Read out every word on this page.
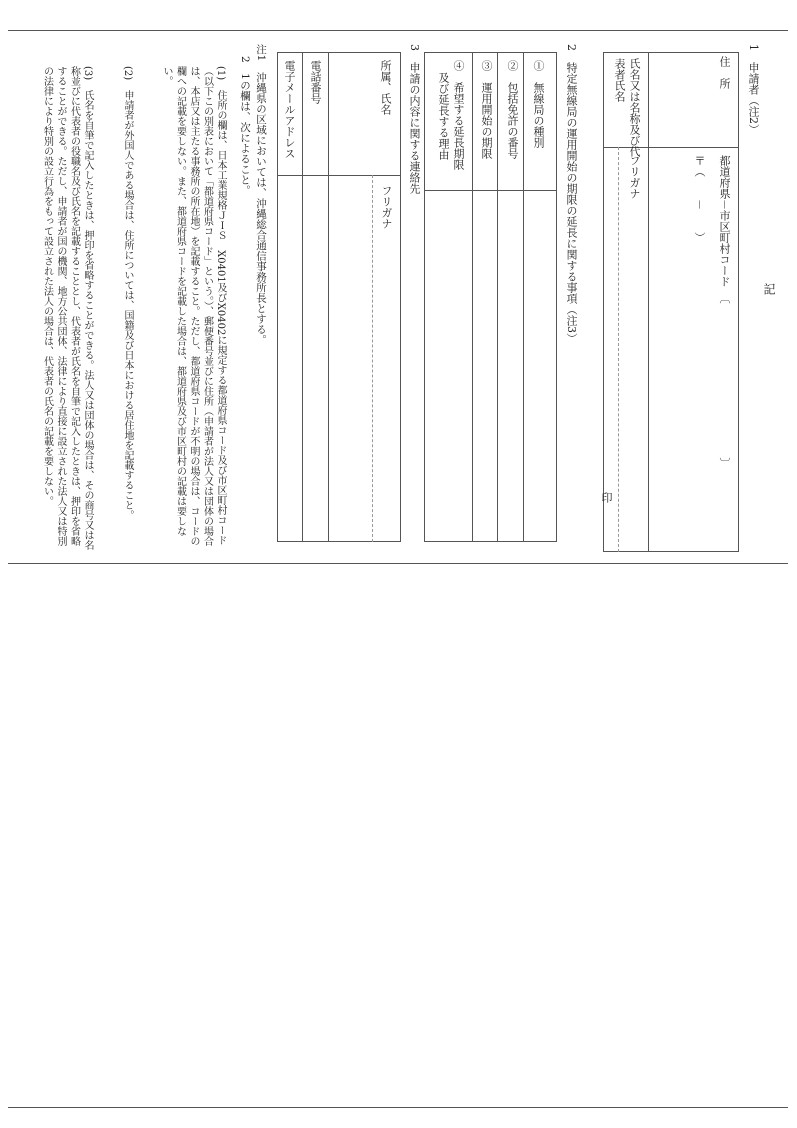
記
1　申請者（注2）
住　所
都道府県－市区町村コード　〔　　　　　　　　　　　　　　〕
〒（　　－　　）
氏名又は名称及び代
表者氏名
フリガナ
印
2　特定無線局の運用開始の期限の延長に関する事項（注3）
①　無線局の種別
②　包括免許の番号
③　運用開始の期限
④　希望する延長期限
及び延長する理由
3　申請の内容に関する連絡先
所属、氏名
フリガナ
電話番号
電子メールアドレス
注1　沖縄県の区域においては、沖縄総合通信事務所長とする。
2　1の欄は、次によること。
(1)　住所の欄は、日本工業規格ＪＩＳ　X0401及びX0402に規定する都道府県コード及び市区町村コード（以下この別表において「都道府県コード」という。）、郵便番号並びに住所（申請者が法人又は団体の場合は、本店又は主たる事務所の所在地）を記載すること。ただし、都道府県コードが不明の場合は、コードの欄への記載を要しない。また、都道府県コードを記載した場合は、都道府県及び市区町村の記載は要しない。
(2)　申請者が外国人である場合は、住所については、国籍及び日本における居住地を記載すること。
(3)　氏名を自筆で記入したときは、押印を省略することができる。法人又は団体の場合は、その商号又は名称並びに代表者の役職名及び氏名を記載することとし、代表者が氏名を自筆で記入したときは、押印を省略することができる。ただし、申請者が国の機関、地方公共団体、法律により直接に設立された法人又は特別の法律により特別の設立行為をもって設立された法人の場合は、代表者の氏名の記載を要しない。
